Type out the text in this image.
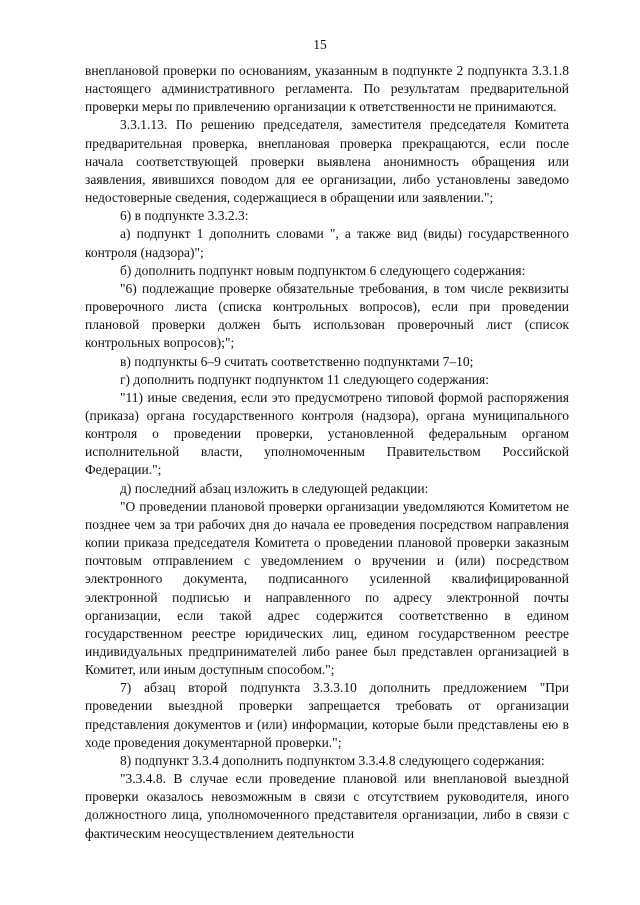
15

внеплановой проверки по основаниям, указанным в подпункте 2 подпункта 3.3.1.8 настоящего административного регламента. По результатам предварительной проверки меры по привлечению организации к ответственности не принимаются.

3.3.1.13. По решению председателя, заместителя председателя Комитета предварительная проверка, внеплановая проверка прекращаются, если после начала соответствующей проверки выявлена анонимность обращения или заявления, явившихся поводом для ее организации, либо установлены заведомо недостоверные сведения, содержащиеся в обращении или заявлении.";

6) в подпункте 3.3.2.3:

а) подпункт 1 дополнить словами ", а также вид (виды) государственного контроля (надзора)";

б) дополнить подпункт новым подпунктом 6 следующего содержания:

"6) подлежащие проверке обязательные требования, в том числе реквизиты проверочного листа (списка контрольных вопросов), если при проведении плановой проверки должен быть использован проверочный лист (список контрольных вопросов);";

в) подпункты 6–9 считать соответственно подпунктами 7–10;

г) дополнить подпункт подпунктом 11 следующего содержания:

"11) иные сведения, если это предусмотрено типовой формой распоряжения (приказа) органа государственного контроля (надзора), органа муниципального контроля о проведении проверки, установленной федеральным органом исполнительной власти, уполномоченным Правительством Российской Федерации.";

д) последний абзац изложить в следующей редакции:

"О проведении плановой проверки организации уведомляются Комитетом не позднее чем за три рабочих дня до начала ее проведения посредством направления копии приказа председателя Комитета о проведении плановой проверки заказным почтовым отправлением с уведомлением о вручении и (или) посредством электронного документа, подписанного усиленной квалифицированной электронной подписью и направленного по адресу электронной почты организации, если такой адрес содержится соответственно в едином государственном реестре юридических лиц, едином государственном реестре индивидуальных предпринимателей либо ранее был представлен организацией в Комитет, или иным доступным способом.";

7) абзац второй подпункта 3.3.3.10 дополнить предложением "При проведении выездной проверки запрещается требовать от организации представления документов и (или) информации, которые были представлены ею в ходе проведения документарной проверки.";

8) подпункт 3.3.4 дополнить подпунктом 3.3.4.8 следующего содержания:

"3.3.4.8. В случае если проведение плановой или внеплановой выездной проверки оказалось невозможным в связи с отсутствием руководителя, иного должностного лица, уполномоченного представителя организации, либо в связи с фактическим неосуществлением деятельности
